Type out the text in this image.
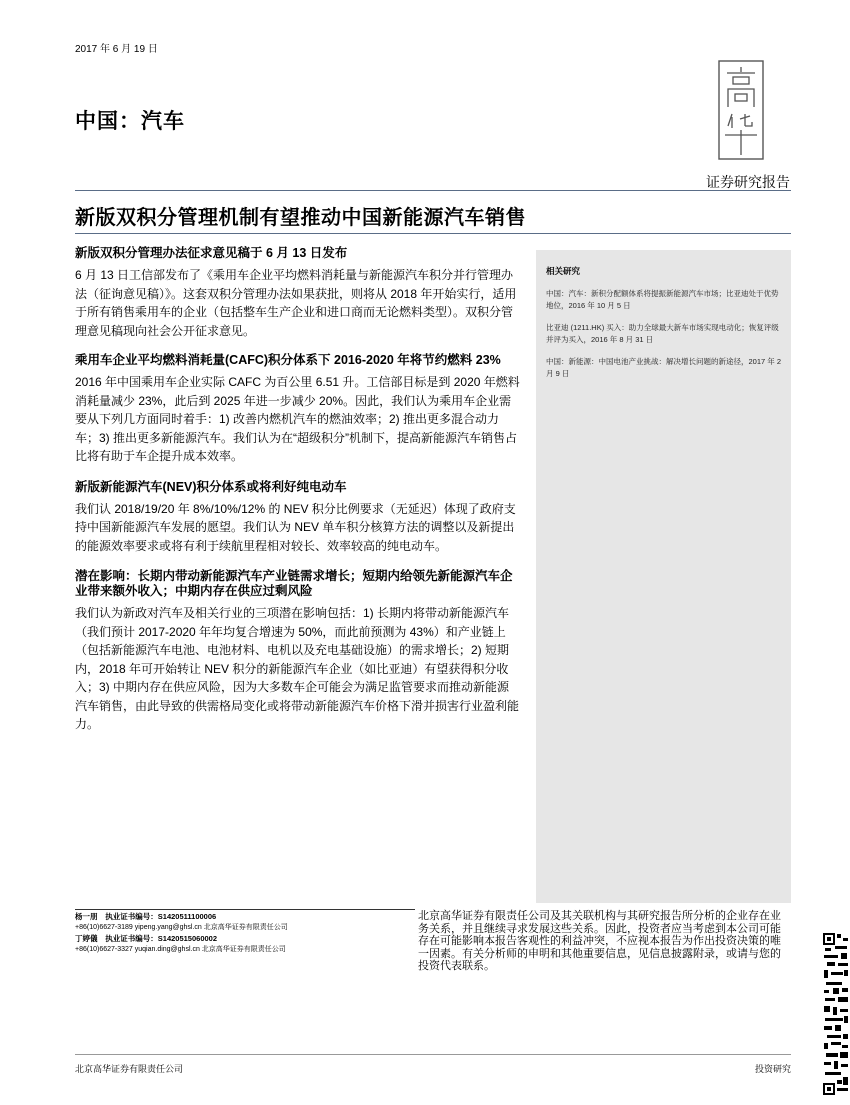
2017 年 6 月 19 日
中国：汽车
证券研究报告
新版双积分管理机制有望推动中国新能源汽车销售
新版双积分管理办法征求意见稿于 6 月 13 日发布
6 月 13 日工信部发布了《乘用车企业平均燃料消耗量与新能源汽车积分并行管理办法（征询意见稿）》。这套双积分管理办法如果获批，则将从 2018 年开始实行，适用于所有销售乘用车的企业（包括整车生产企业和进口商而无论燃料类型）。双积分管理意见稿现向社会公开征求意见。
乘用车企业平均燃料消耗量(CAFC)积分体系下 2016-2020 年将节约燃料 23%
2016 年中国乘用车企业实际 CAFC 为百公里 6.51 升。工信部目标是到 2020 年燃料消耗量减少 23%，此后到 2025 年进一步减少 20%。因此，我们认为乘用车企业需要从下列几方面同时着手：1) 改善内燃机汽车的燃油效率；2) 推出更多混合动力车；3) 推出更多新能源汽车。我们认为在“超级积分”机制下，提高新能源汽车销售占比将有助于车企提升成本效率。
新版新能源汽车(NEV)积分体系或将利好纯电动车
我们认 2018/19/20 年 8%/10%/12% 的 NEV 积分比例要求（无延迟）体现了政府支持中国新能源汽车发展的愿望。我们认为 NEV 单车积分核算方法的调整以及新提出的能源效率要求或将有利于续航里程相对较长、效率较高的纯电动车。
潜在影响：长期内带动新能源汽车产业链需求增长；短期内给领先新能源汽车企业带来额外收入；中期内存在供应过剩风险
我们认为新政对汽车及相关行业的三项潜在影响包括：1) 长期内将带动新能源汽车（我们预计 2017-2020 年年均复合增速为 50%，而此前预测为 43%）和产业链上（包括新能源汽车电池、电池材料、电机以及充电基础设施）的需求增长；2) 短期内，2018 年可开始转让 NEV 积分的新能源汽车企业（如比亚迪）有望获得积分收入；3) 中期内存在供应风险，因为大多数车企可能会为满足监管要求而推动新能源汽车销售，由此导致的供需格局变化或将带动新能源汽车价格下滑并损害行业盈利能力。
相关研究
中国：汽车：新积分配额体系将提振新能源汽车市场；比亚迪处于优势地位，2016 年 10 月 5 日
比亚迪 (1211.HK) 买入：助力全球最大新车市场实现电动化；恢复评级并评为买入，2016 年 8 月 31 日
中国：新能源：中国电池产业挑战：解决增长问题的新途径，2017 年 2 月 9 日
杨一朋 执业证书编号：S1420511100006
+86(10)6627-3189 yipeng.yang@ghsl.cn 北京高华证券有限责任公司
丁婷儀 执业证书编号：S1420515060002
+86(10)6627-3327 yuqian.ding@ghsl.cn 北京高华证券有限责任公司
北京高华证券有限责任公司及其关联机构与其研究报告所分析的企业存在业务关系，并且继续寻求发展这些关系。因此，投资者应当考虑到本公司可能存在可能影响本报告客观性的利益冲突，不应视本报告为作出投资决策的唯一因素。有关分析师的申明和其他重要信息，见信息披露附录，或请与您的投资代表联系。
北京高华证券有限责任公司	投资研究
